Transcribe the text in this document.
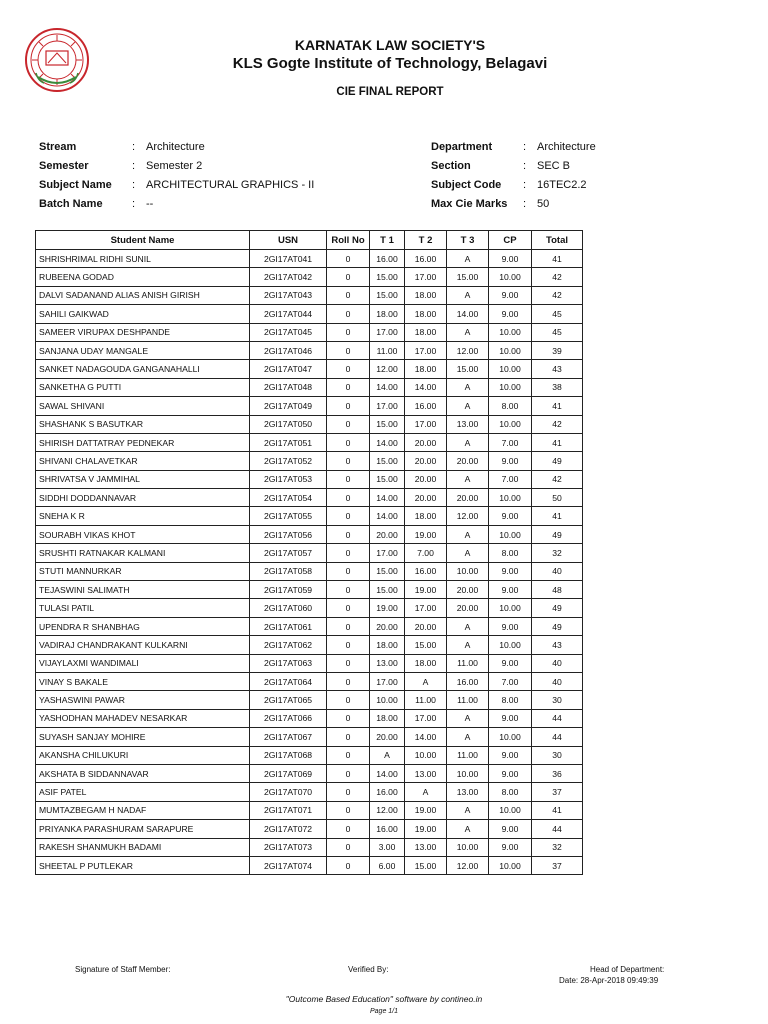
KARNATAK LAW SOCIETY'S
KLS Gogte Institute of Technology, Belagavi
CIE FINAL REPORT
Stream	: Architecture
Semester	: Semester 2
Subject Name	: ARCHITECTURAL GRAPHICS - II
Batch Name	: --
Department	: Architecture
Section	: SEC B
Subject Code	: 16TEC2.2
Max Cie Marks	: 50
Student Name	USN	Roll No	T 1	T 2	T 3	CP	Total
SHRISHRIMAL RIDHI SUNIL	2GI17AT041	0	16.00	16.00	A	9.00	41
RUBEENA GODAD	2GI17AT042	0	15.00	17.00	15.00	10.00	42
DALVI SADANAND ALIAS ANISH GIRISH	2GI17AT043	0	15.00	18.00	A	9.00	42
SAHILI GAIKWAD	2GI17AT044	0	18.00	18.00	14.00	9.00	45
SAMEER VIRUPAX DESHPANDE	2GI17AT045	0	17.00	18.00	A	10.00	45
SANJANA UDAY MANGALE	2GI17AT046	0	11.00	17.00	12.00	10.00	39
SANKET NADAGOUDA GANGANAHALLI	2GI17AT047	0	12.00	18.00	15.00	10.00	43
SANKETHA G PUTTI	2GI17AT048	0	14.00	14.00	A	10.00	38
SAWAL SHIVANI	2GI17AT049	0	17.00	16.00	A	8.00	41
SHASHANK S BASUTKAR	2GI17AT050	0	15.00	17.00	13.00	10.00	42
SHIRISH DATTATRAY PEDNEKAR	2GI17AT051	0	14.00	20.00	A	7.00	41
SHIVANI CHALAVETKAR	2GI17AT052	0	15.00	20.00	20.00	9.00	49
SHRIVATSA V JAMMIHAL	2GI17AT053	0	15.00	20.00	A	7.00	42
SIDDHI DODDANNAVAR	2GI17AT054	0	14.00	20.00	20.00	10.00	50
SNEHA K R	2GI17AT055	0	14.00	18.00	12.00	9.00	41
SOURABH VIKAS KHOT	2GI17AT056	0	20.00	19.00	A	10.00	49
SRUSHTI RATNAKAR KALMANI	2GI17AT057	0	17.00	7.00	A	8.00	32
STUTI MANNURKAR	2GI17AT058	0	15.00	16.00	10.00	9.00	40
TEJASWINI SALIMATH	2GI17AT059	0	15.00	19.00	20.00	9.00	48
TULASI PATIL	2GI17AT060	0	19.00	17.00	20.00	10.00	49
UPENDRA R SHANBHAG	2GI17AT061	0	20.00	20.00	A	9.00	49
VADIRAJ CHANDRAKANT KULKARNI	2GI17AT062	0	18.00	15.00	A	10.00	43
VIJAYLAXMI WANDIMALI	2GI17AT063	0	13.00	18.00	11.00	9.00	40
VINAY S BAKALE	2GI17AT064	0	17.00	A	16.00	7.00	40
YASHASWINI PAWAR	2GI17AT065	0	10.00	11.00	11.00	8.00	30
YASHODHAN MAHADEV NESARKAR	2GI17AT066	0	18.00	17.00	A	9.00	44
SUYASH SANJAY MOHIRE	2GI17AT067	0	20.00	14.00	A	10.00	44
AKANSHA CHILUKURI	2GI17AT068	0	A	10.00	11.00	9.00	30
AKSHATA B SIDDANNAVAR	2GI17AT069	0	14.00	13.00	10.00	9.00	36
ASIF PATEL	2GI17AT070	0	16.00	A	13.00	8.00	37
MUMTAZBEGAM H NADAF	2GI17AT071	0	12.00	19.00	A	10.00	41
PRIYANKA PARASHURAM SARAPURE	2GI17AT072	0	16.00	19.00	A	9.00	44
RAKESH SHANMUKH BADAMI	2GI17AT073	0	3.00	13.00	10.00	9.00	32
SHEETAL P PUTLEKAR	2GI17AT074	0	6.00	15.00	12.00	10.00	37
Signature of Staff Member:	Verified By:	Head of Department:
Date: 28-Apr-2018 09:49:39
"Outcome Based Education" software by contineo.in
Page 1/1
